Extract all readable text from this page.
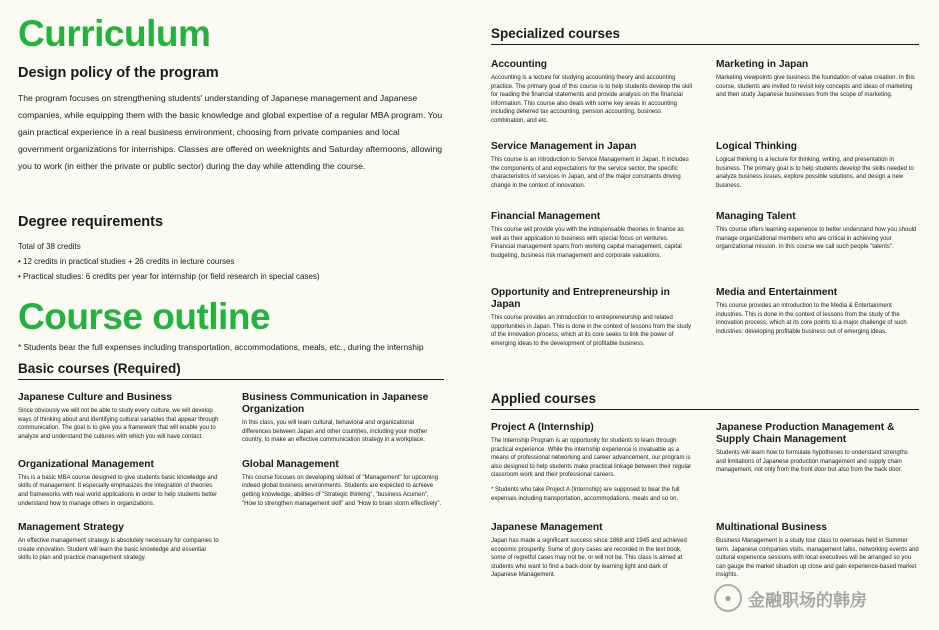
Curriculum
Design policy of the program

The program focuses on strengthening students' understanding of Japanese management and Japanese companies, while equipping them with the basic knowledge and global expertise of a regular MBA program. You gain practical experience in a real business environment, choosing from private companies and local government organizations for internships. Classes are offered on weeknights and Saturday afternoons, allowing you to work (in either the private or public sector) during the day while attending the course.

Degree requirements
Total of 38 credits
• 12 credits in practical studies + 26 credits in lecture courses
• Practical studies: 6 credits per year for internship (or field research in special cases)
Course outline

* Students bear the full expenses including transportation, accommodations, meals, etc., during the internship

Basic courses (Required)
Japanese Culture and Business

Since obviously we will not be able to study every culture, we will develop ways of thinking about and identifying cultural variables that appear through communication. The goal is to give you a framework that will enable you to analyze and understand the cultures with which you will have contact.

Business Communication in Japanese Organization

In this class, you will learn cultural, behavioral and organizational differences between Japan and other countries, including your mother country, to make an effective communication strategy in a workplace.

Organizational Management

This is a basic MBA course designed to give students basic knowledge and skills of management. It especially emphasizes the integration of theories and frameworks with real world applications in order to help students better understand how to manage others in organizations.

Global Management

This course focuses on developing skillset of "Management" for upcoming indeed global business environments. Students are expected to achieve getting knowledge, abilities of "Strategic thinking", "business Acumen", "How to strengthen management skill" and "How to brain storm effectively".

Management Strategy

An effective management strategy is absolutely necessary for companies to create innovation. Student will learn the basic knowledge and essential skills to plan and practice management strategy.

Specialized courses
Accounting

Accounting is a lecture for studying accounting theory and accounting practice. The primary goal of this course is to help students develop the skill for reading the financial statements and provide analysis on the financial information. This course also deals with some key areas in accounting including deferred tax accounting, pension accounting, business combination, and etc.

Marketing in Japan

Marketing viewpoints give business the foundation of value creation. In this course, students are invited to revisit key concepts and ideas of marketing and then study Japanese businesses from the scope of marketing.

Service Management in Japan

This course is an introduction to Service Management in Japan. It includes the components of and expectations for the service sector, the specific characteristics of services in Japan, and of the major constraints driving change in the context of innovation.

Logical Thinking

Logical thinking is a lecture for thinking, writing, and presentation in business. The primary goal is to help students develop the skills needed to analyze business issues, explore possible solutions, and design a new business.

Financial Management

This course will provide you with the indispensable theories in finance as well as their application to business with special focus on ventures. Financial management spans from working capital management, capital budgeting, business risk management and corporate valuations.

Managing Talent

This course offers learning experience to better understand how you should manage organizational members who are critical in achieving your organizational mission. In this course we call such people "talents".

Opportunity and Entrepreneurship in Japan

This course provides an introduction to entrepreneurship and related opportunities in Japan. This is done in the context of lessons from the study of the innovation process, which at its core seeks to link the power of emerging ideas to the development of profitable business.

Media and Entertainment

This course provides an introduction to the Media & Entertainment industries. This is done in the context of lessons from the study of the innovation process, which at its core points to a major challenge of such industries: developing profitable business out of emerging ideas.

Applied courses
Project A (Internship)

The Internship Program is an opportunity for students to learn through practical experience. While the internship experience is invaluable as a means of professional networking and career advancement, our program is also designed to help students make practical linkage between their regular classroom work and their professional careers.

* Students who take Project A (Internship) are supposed to bear the full expenses including transportation, accommodations, meals and so on.

Japanese Production Management & Supply Chain Management

Students will learn how to formulate hypotheses to understand strengths and limitations of Japanese production management and supply chain management, not only from the front door but also from the back door.

Japanese Management

Japan has made a significant success since 1868 and 1945 and achieved economic prosperity. Some of glory cases are recorded in the text book, some of regretful cases may not be, or will not be. This class is aimed at students who want to find a back-door by learning light and dark of Japanese Management.

Multinational Business

Business Management is a study tour class to overseas held in Summer term. Japanese companies visits, management talks, networking events and cultural experience sessions with local executives will be arranged so you can gauge the market situation up close and gain experience-based market insights.

● 金融职场的韩房
